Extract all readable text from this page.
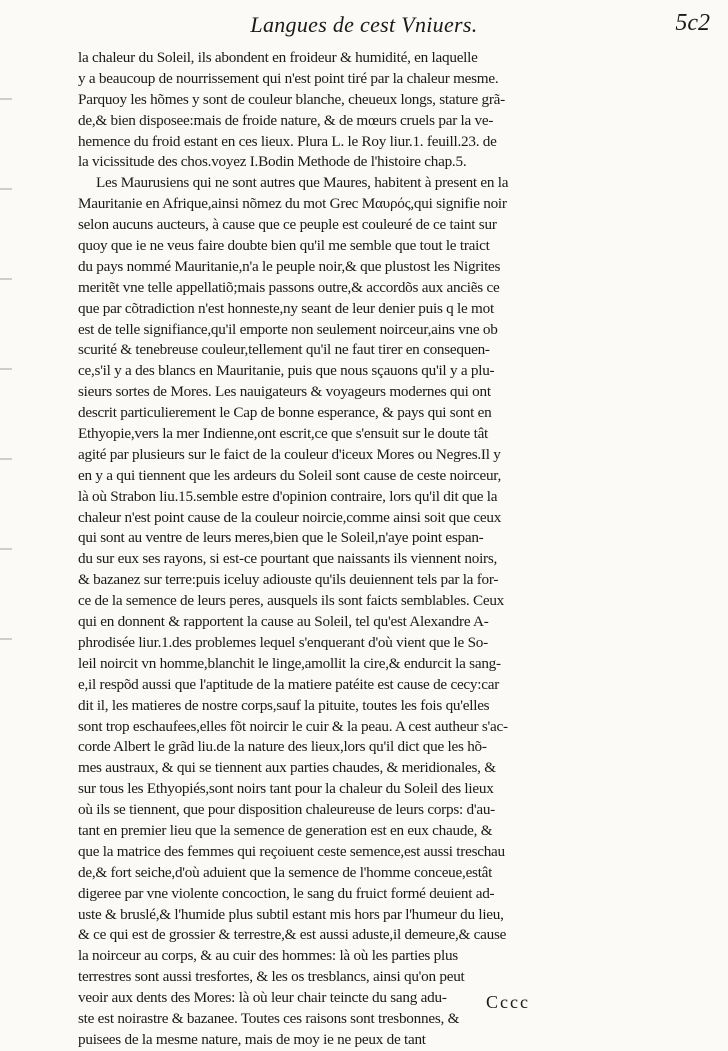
Langues de cest Vniuers.	5c2
la chaleur du Soleil, ils abondent en froideur & humidité, en laquelle
y a beaucoup de nourrissement qui n'est point tiré par la chaleur mesme.
Parquoy les hõmes y sont de couleur blanche, cheueux longs, stature grã-
de,& bien disposee:mais de froide nature, & de mœurs cruels par la ve-
hemence du froid estant en ces lieux. Plura L. le Roy liur.1. feuill.23. de
la vicissitude des chos.voyez I.Bodin Methode de l'histoire chap.5.
Les Maurusiens qui ne sont autres que Maures, habitent à present en la
Mauritanie en Afrique,ainsi nõmez du mot Grec Μαυρός,qui signifie noir
selon aucuns aucteurs, à cause que ce peuple est couleuré de ce taint sur
quoy que ie ne veus faire doubte bien qu'il me semble que tout le traict
du pays nommé Mauritanie,n'a le peuple noir,& que plustost les Nigrites
meritẽt vne telle appellatiõ;mais passons outre,& accordõs aux anciẽs ce
que par cõtradiction n'est honneste,ny seant de leur denier puis q le mot
est de telle signifiance,qu'il emporte non seulement noirceur,ains vne ob
scurité & tenebreuse couleur,tellement qu'il ne faut tirer en consequen-
ce,s'il y a des blancs en Mauritanie, puis que nous sçauons qu'il y a plu-
sieurs sortes de Mores. Les nauigateurs & voyageurs modernes qui ont
descrit particulierement le Cap de bonne esperance, & pays qui sont en
Ethyopie,vers la mer Indienne,ont escrit,ce que s'ensuit sur le doute tât
agité par plusieurs sur le faict de la couleur d'iceux Mores ou Negres.Il y
en y a qui tiennent que les ardeurs du Soleil sont cause de ceste noirceur,
là où Strabon liu.15.semble estre d'opinion contraire, lors qu'il dit que la
chaleur n'est point cause de la couleur noircie,comme ainsi soit que ceux
qui sont au ventre de leurs meres,bien que le Soleil,n'aye point espan-
du sur eux ses rayons, si est-ce pourtant que naissants ils viennent noirs,
& bazanez sur terre:puis iceluy adiouste qu'ils deuiennent tels par la for-
ce de la semence de leurs peres, ausquels ils sont faicts semblables. Ceux
qui en donnent & rapportent la cause au Soleil, tel qu'est Alexandre A-
phrodisée liur.1.des problemes lequel s'enquerant d'où vient que le So-
leil noircit vn homme,blanchit le linge,amollit la cire,& endurcit la sang-
e,il respõd aussi que l'aptitude de la matiere patéite est cause de cecy:car
dit il, les matieres de nostre corps,sauf la pituite, toutes les fois qu'elles
sont trop eschaufees,elles fõt noircir le cuir & la peau. A cest autheur s'ac-
corde Albert le grãd liu.de la nature des lieux,lors qu'il dict que les hõ-
mes austraux, & qui se tiennent aux parties chaudes, & meridionales, &
sur tous les Ethyopiés,sont noirs tant pour la chaleur du Soleil des lieux
où ils se tiennent, que pour disposition chaleureuse de leurs corps: d'au-
tant en premier lieu que la semence de generation est en eux chaude, &
que la matrice des femmes qui reçoiuent ceste semence,est aussi treschau
de,& fort seiche,d'où aduient que la semence de l'homme conceue,estât
digeree par vne violente concoction, le sang du fruict formé deuient ad-
uste & bruslé,& l'humide plus subtil estant mis hors par l'humeur du lieu,
& ce qui est de grossier & terrestre,& est aussi aduste,il demeure,& cause
la noirceur au corps, & au cuir des hommes: là où les parties plus
terrestres sont aussi tresfortes, & les os tresblancs, ainsi qu'on peut
veoir aux dents des Mores: là où leur chair teincte du sang adu-
ste est noirastre & bazanee. Toutes ces raisons sont tresbonnes, &
puisees de la mesme nature, mais de moy ie ne peux de tant
Cccc
